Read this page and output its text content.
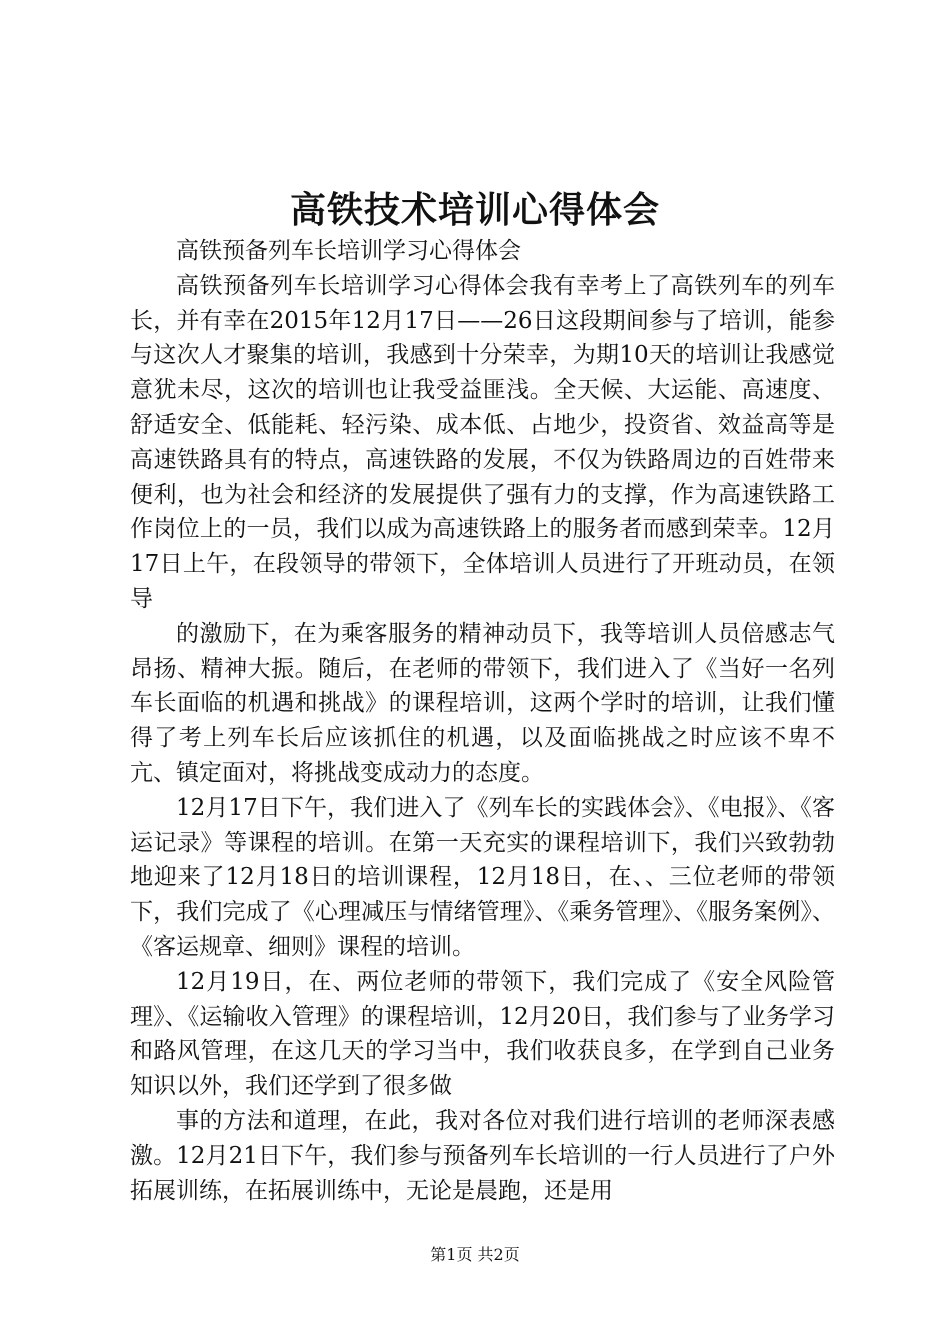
高铁技术培训心得体会

高铁预备列车长培训学习心得体会

高铁预备列车长培训学习心得体会我有幸考上了高铁列车的列车长，并有幸在2015年12月17日——26日这段期间参与了培训，能参与这次人才聚集的培训，我感到十分荣幸，为期10天的培训让我感觉意犹未尽，这次的培训也让我受益匪浅。全天候、大运能、高速度、舒适安全、低能耗、轻污染、成本低、占地少，投资省、效益高等是高速铁路具有的特点，高速铁路的发展，不仅为铁路周边的百姓带来便利，也为社会和经济的发展提供了强有力的支撑，作为高速铁路工作岗位上的一员，我们以成为高速铁路上的服务者而感到荣幸。12月17日上午，在段领导的带领下，全体培训人员进行了开班动员，在领导

的激励下，在为乘客服务的精神动员下，我等培训人员倍感志气昂扬、精神大振。随后，在老师的带领下，我们进入了《当好一名列车长面临的机遇和挑战》的课程培训，这两个学时的培训，让我们懂得了考上列车长后应该抓住的机遇，以及面临挑战之时应该不卑不亢、镇定面对，将挑战变成动力的态度。

12月17日下午，我们进入了《列车长的实践体会》、《电报》、《客运记录》等课程的培训。在第一天充实的课程培训下，我们兴致勃勃地迎来了12月18日的培训课程，12月18日，在、、三位老师的带领下，我们完成了《心理减压与情绪管理》、《乘务管理》、《服务案例》、《客运规章、细则》课程的培训。

12月19日，在、两位老师的带领下，我们完成了《安全风险管理》、《运输收入管理》的课程培训，12月20日，我们参与了业务学习和路风管理，在这几天的学习当中，我们收获良多，在学到自己业务知识以外，我们还学到了很多做

事的方法和道理，在此，我对各位对我们进行培训的老师深表感激。12月21日下午，我们参与预备列车长培训的一行人员进行了户外拓展训练，在拓展训练中，无论是晨跑，还是用

第1页 共2页
